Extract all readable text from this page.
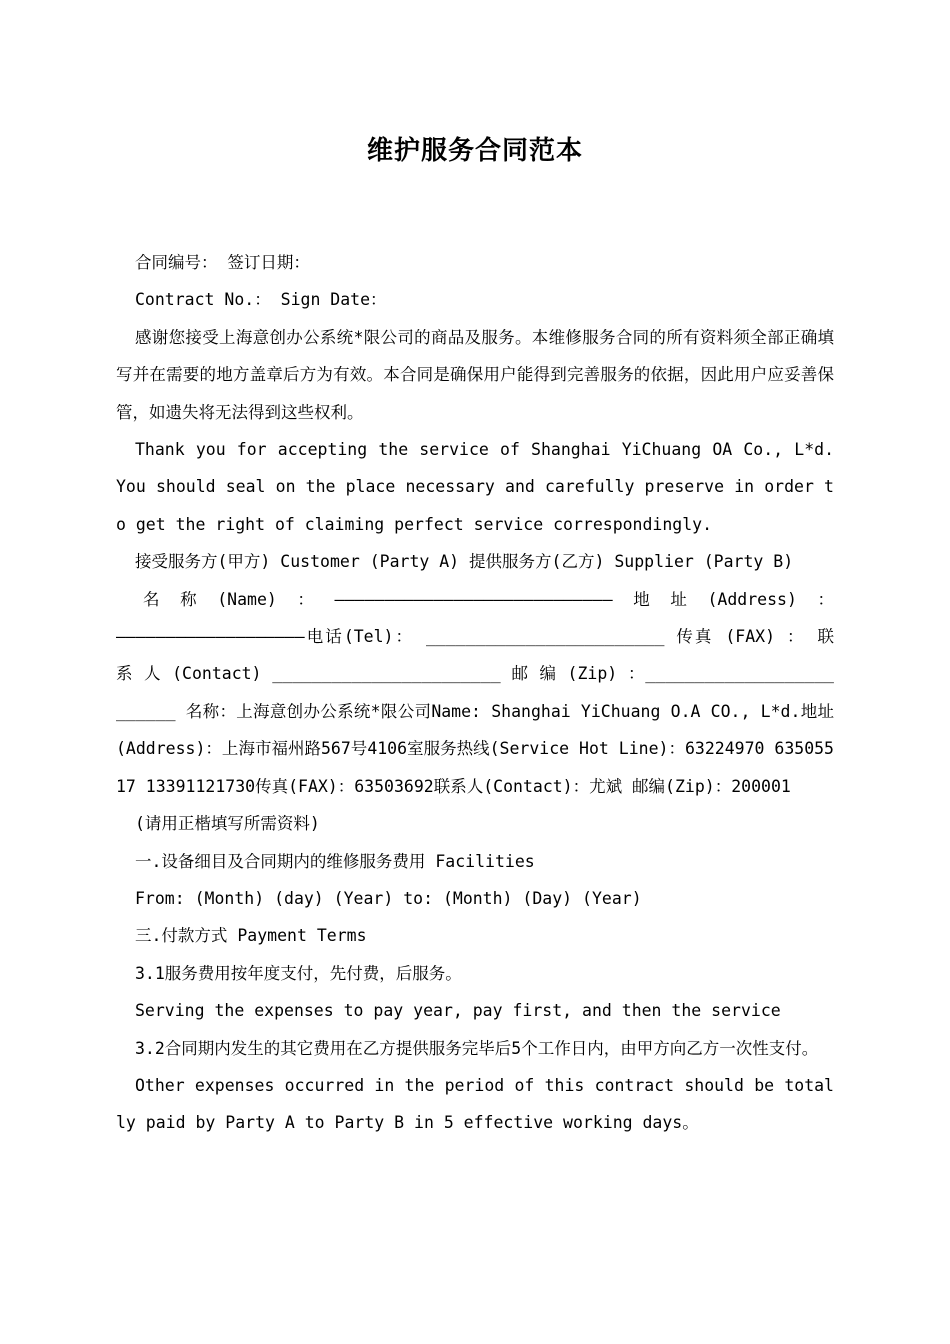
维护服务合同范本

合同编号： 签订日期：

Contract No.： Sign Date：

感谢您接受上海意创办公系统*限公司的商品及服务。本维修服务合同的所有资料须全部正确填写并在需要的地方盖章后方为有效。本合同是确保用户能得到完善服务的依据，因此用户应妥善保管，如遗失将无法得到这些权利。

Thank you for accepting the service of Shanghai YiChuang OA Co., L*d. You should seal on the place necessary and carefully preserve in order to get the right of claiming perfect service correspondingly.

接受服务方(甲方) Customer (Party A) 提供服务方(乙方) Supplier (Party B)

名称(Name)：————————————————————————————地址(Address)： ———————————————————电话(Tel)： ________________________ 传真 (FAX) ： 联 系 人 (Contact) _______________________ 邮 编 (Zip) ：_________________________ 名称：上海意创办公系统*限公司Name: Shanghai YiChuang O.A CO., L*d.地址(Address)：上海市福州路567号4106室服务热线(Service Hot Line)：63224970 63505517 13391121730传真(FAX)：63503692联系人(Contact)：尤斌 邮编(Zip)：200001

(请用正楷填写所需资料)

一.设备细目及合同期内的维修服务费用 Facilities

From: (Month) (day) (Year) to: (Month) (Day) (Year)

三.付款方式 Payment Terms

3.1服务费用按年度支付，先付费，后服务。

Serving the expenses to pay year, pay first, and then the service

3.2合同期内发生的其它费用在乙方提供服务完毕后5个工作日内，由甲方向乙方一次性支付。

Other expenses occurred in the period of this contract should be totally paid by Party A to Party B in 5 effective working days。
